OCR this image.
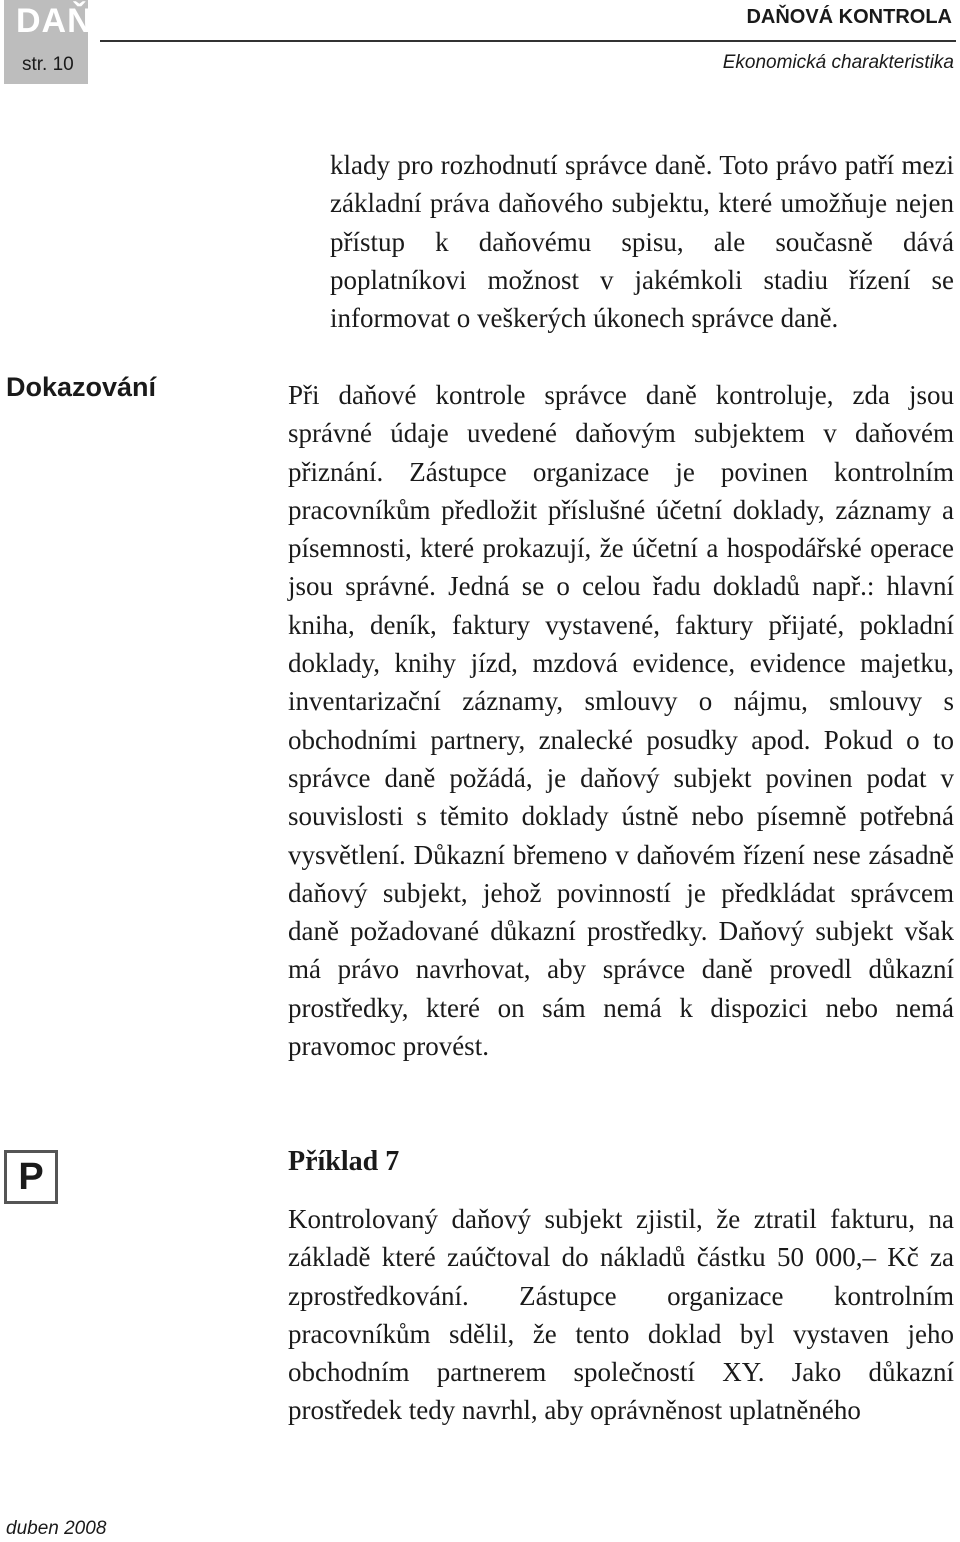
DAŇ
str. 10
DAŇOVÁ KONTROLA
Ekonomická charakteristika

klady pro rozhodnutí správce daně. Toto právo patří mezi základní práva daňového subjektu, které umožňuje nejen přístup k daňovému spisu, ale současně dává poplatníkovi možnost v jakémkoli stadiu řízení se informovat o veškerých úkonech správce daně.

Dokazování	Při daňové kontrole správce daně kontroluje, zda jsou správné údaje uvedené daňovým subjektem v daňovém přiznání. Zástupce organizace je povinen kontrolním pracovníkům předložit příslušné účetní doklady, záznamy a písemnosti, které prokazují, že účetní a hospodářské operace jsou správné. Jedná se o celou řadu dokladů např.: hlavní kniha, deník, faktury vystavené, faktury přijaté, pokladní doklady, knihy jízd, mzdová evidence, evidence majetku, inventarizační záznamy, smlouvy o nájmu, smlouvy s obchodními partnery, znalecké posudky apod. Pokud o to správce daně požádá, je daňový subjekt povinen podat v souvislosti s těmito doklady ústně nebo písemně potřebná vysvětlení. Důkazní břemeno v daňovém řízení nese zásadně daňový subjekt, jehož povinností je předkládat správcem daně požadované důkazní prostředky. Daňový subjekt však má právo navrhovat, aby správce daně provedl důkazní prostředky, které on sám nemá k dispozici nebo nemá pravomoc provést.

P	Příklad 7

Kontrolovaný daňový subjekt zjistil, že ztratil fakturu, na základě které zaúčtoval do nákladů částku 50 000,– Kč za zprostředkování. Zástupce organizace kontrolním pracovníkům sdělil, že tento doklad byl vystaven jeho obchodním partnerem společností XY. Jako důkazní prostředek tedy navrhl, aby oprávněnost uplatněného

duben 2008
